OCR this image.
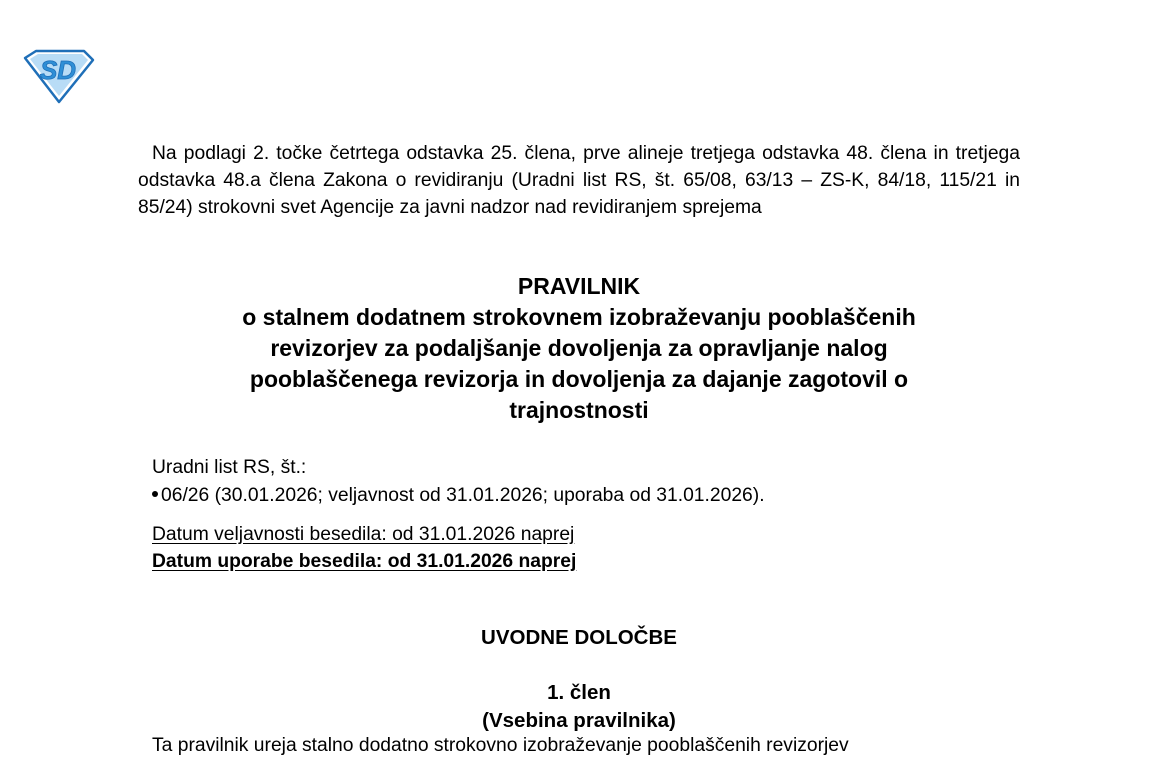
SD

Na podlagi 2. točke četrtega odstavka 25. člena, prve alineje tretjega odstavka 48. člena in tretjega odstavka 48.a člena Zakona o revidiranju (Uradni list RS, št. 65/08, 63/13 – ZS-K, 84/18, 115/21 in 85/24) strokovni svet Agencije za javni nadzor nad revidiranjem sprejema

PRAVILNIK
o stalnem dodatnem strokovnem izobraževanju pooblaščenih
revizorjev za podaljšanje dovoljenja za opravljanje nalog
pooblaščenega revizorja in dovoljenja za dajanje zagotovil o
trajnostnosti
Uradni list RS, št.:
06/26 (30.01.2026; veljavnost od 31.01.2026; uporaba od 31.01.2026).
Datum veljavnosti besedila: od 31.01.2026 naprej
Datum uporabe besedila: od 31.01.2026 naprej
UVODNE DOLOČBE
1. člen
(Vsebina pravilnika)
Ta pravilnik ureja stalno dodatno strokovno izobraževanje pooblaščenih revizorjev
